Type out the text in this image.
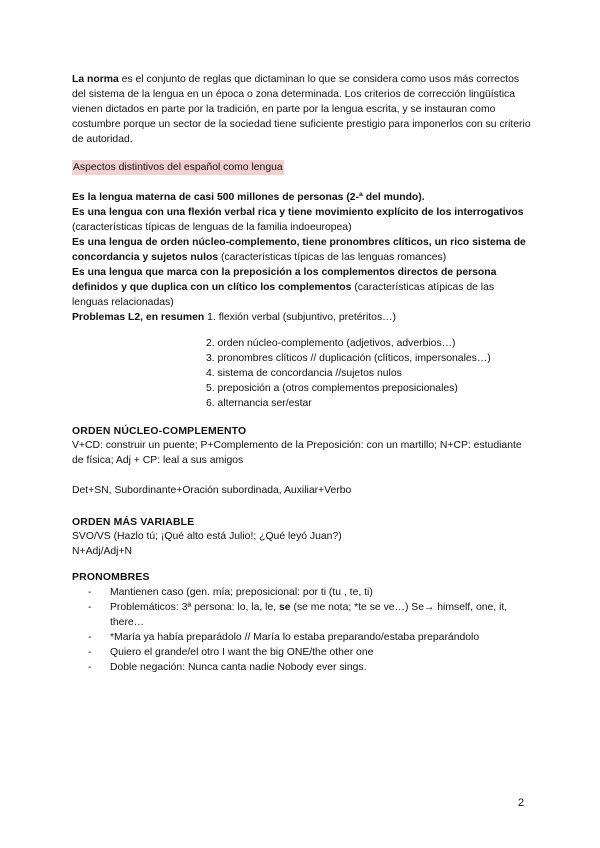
La norma es el conjunto de reglas que dictaminan lo que se considera como usos más correctos del sistema de la lengua en un época o zona determinada. Los criterios de corrección lingüística vienen dictados en parte por la tradición, en parte por la lengua escrita, y se instauran como costumbre porque un sector de la sociedad tiene suficiente prestigio para imponerlos con su criterio de autoridad.
Aspectos distintivos del español como lengua
Es la lengua materna de casi 500 millones de personas (2-ª del mundo).
Es una lengua con una flexión verbal rica y tiene movimiento explícito de los interrogativos (características típicas de lenguas de la familia indoeuropea)
Es una lengua de orden núcleo-complemento, tiene pronombres clíticos, un rico sistema de concordancia y sujetos nulos (características típicas de las lenguas romances)
Es una lengua que marca con la preposición a los complementos directos de persona definidos y que duplica con un clítico los complementos (características atípicas de las lenguas relacionadas)
Problemas L2, en resumen 1. flexión verbal (subjuntivo, pretéritos…)
2. orden núcleo-complemento (adjetivos, adverbios…)
3. pronombres clíticos // duplicación (clíticos, impersonales…)
4. sistema de concordancia //sujetos nulos
5. preposición a (otros complementos preposicionales)
6. alternancia ser/estar
ORDEN NÚCLEO-COMPLEMENTO
V+CD: construir un puente; P+Complemento de la Preposición: con un martillo; N+CP: estudiante de física; Adj + CP: leal a sus amigos
Det+SN, Subordinante+Oración subordinada, Auxiliar+Verbo
ORDEN MÁS VARIABLE
SVO/VS (Hazlo tú; ¡Qué alto está Julio!; ¿Qué leyó Juan?)
N+Adj/Adj+N
PRONOMBRES
-	Mantienen caso (gen. mía; preposicional: por ti (tu , te, ti)
-	Problemáticos: 3ª persona: lo, la, le, se (se me nota; *te se ve…) Se→ himself, one, it, there…
-	*María ya había preparádolo // María lo estaba preparando/estaba preparándolo
-	Quiero el grande/el otro I want the big ONE/the other one
-	Doble negación: Nunca canta nadie Nobody ever sings.
2
